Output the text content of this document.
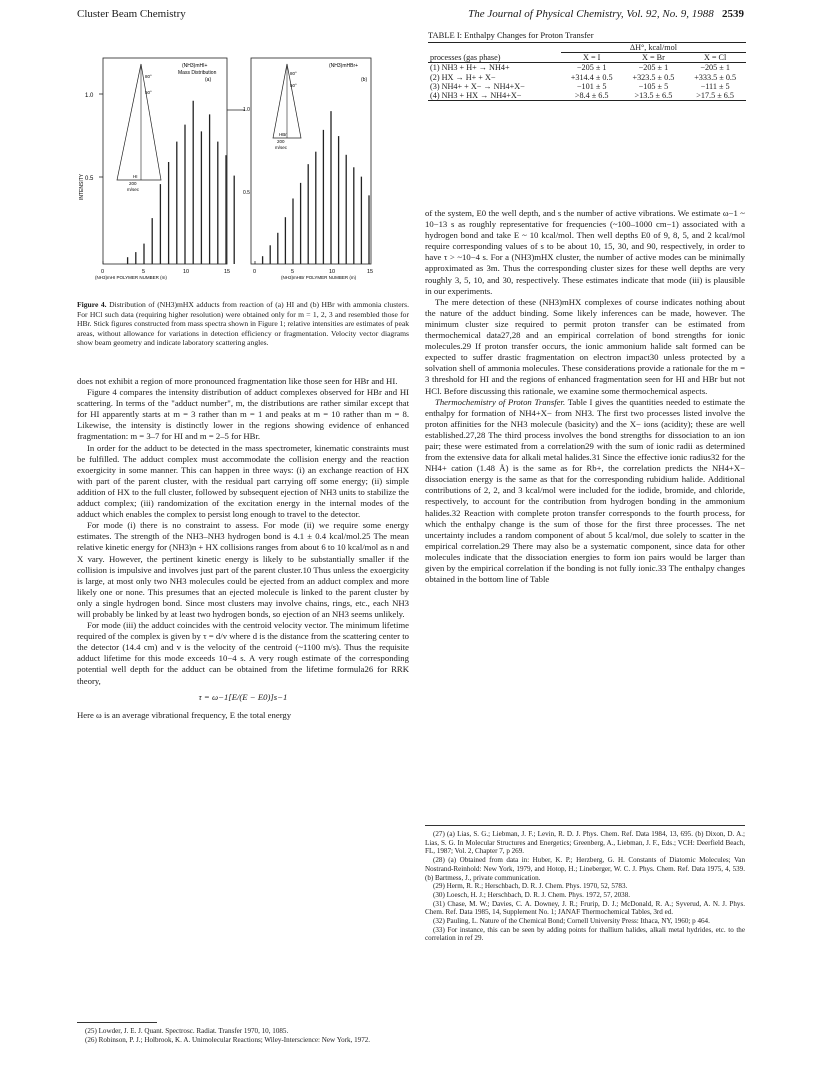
Cluster Beam Chemistry	The Journal of Physical Chemistry, Vol. 92, No. 9, 1988 2539
(NH3)mHI+
Mass Distribution
(a)
80°
50°
HI
200
m/sec
0	5	10	15
1.0
0.5
INTENSITY
(NH3)mHI POLYMER NUMBER (m)
(NH3)mHBr+
(b)
80°
50°
HBr
200
m/sec
0	5	10	15
1.0
0.5
(NH3)mHBr POLYMER NUMBER (m)
Figure 4. Distribution of (NH3)mHX adducts from reaction of (a) HI and (b) HBr with ammonia clusters. For HCl such data (requiring higher resolution) were obtained only for m = 1, 2, 3 and resembled those for HBr. Stick figures constructed from mass spectra shown in Figure 1; relative intensities are estimates of peak areas, without allowance for variations in detection efficiency or fragmentation. Velocity vector diagrams show beam geometry and indicate laboratory scattering angles.

does not exhibit a region of more pronounced fragmentation like those seen for HBr and HI.

Figure 4 compares the intensity distribution of adduct complexes observed for HBr and HI scattering. In terms of the "adduct number", m, the distributions are rather similar except that for HI apparently starts at m = 3 rather than m = 1 and peaks at m = 10 rather than m = 8. Likewise, the intensity is distinctly lower in the regions showing evidence of enhanced fragmentation: m = 3–7 for HI and m = 2–5 for HBr.

In order for the adduct to be detected in the mass spectrometer, kinematic constraints must be fulfilled. The adduct complex must accommodate the collision energy and the reaction exoergicity in some manner. This can happen in three ways: (i) an exchange reaction of HX with part of the parent cluster, with the residual part carrying off some energy; (ii) simple addition of HX to the full cluster, followed by subsequent ejection of NH3 units to stabilize the adduct complex; (iii) randomization of the excitation energy in the internal modes of the adduct which enables the complex to persist long enough to travel to the detector.

For mode (i) there is no constraint to assess. For mode (ii) we require some energy estimates. The strength of the NH3–NH3 hydrogen bond is 4.1 ± 0.4 kcal/mol.25 The mean relative kinetic energy for (NH3)n + HX collisions ranges from about 6 to 10 kcal/mol as n and X vary. However, the pertinent kinetic energy is likely to be substantially smaller if the collision is impulsive and involves just part of the parent cluster.10 Thus unless the exoergicity is large, at most only two NH3 molecules could be ejected from an adduct complex and more likely one or none. This presumes that an ejected molecule is linked to the parent cluster by only a single hydrogen bond. Since most clusters may involve chains, rings, etc., each NH3 will probably be linked by at least two hydrogen bonds, so ejection of an NH3 seems unlikely.

For mode (iii) the adduct coincides with the centroid velocity vector. The minimum lifetime required of the complex is given by τ = d/v where d is the distance from the scattering center to the detector (14.4 cm) and v is the velocity of the centroid (~1100 m/s). Thus the requisite adduct lifetime for this mode exceeds 10−4 s. A very rough estimate of the corresponding potential well depth for the adduct can be obtained from the lifetime formula26 for RRK theory,

τ = ω−1[E/(E − E0)]s−1

Here ω is an average vibrational frequency, E the total energy

(25) Lowder, J. E. J. Quant. Spectrosc. Radiat. Transfer 1970, 10, 1085.
(26) Robinson, P. J.; Holbrook, K. A. Unimolecular Reactions; Wiley-Interscience: New York, 1972.
TABLE I: Enthalpy Changes for Proton Transfer
	ΔH°, kcal/mol		
processes (gas phase)	X = I	X = Br	X = Cl
(1) NH3 + H+ → NH4+	−205 ± 1	−205 ± 1	−205 ± 1
(2) HX → H+ + X−	+314.4 ± 0.5	+323.5 ± 0.5	+333.5 ± 0.5
(3) NH4+ + X− → NH4+X−	−101 ± 5	−105 ± 5	−111 ± 5
(4) NH3 + HX → NH4+X−	>8.4 ± 6.5	>13.5 ± 6.5	>17.5 ± 6.5

of the system, E0 the well depth, and s the number of active vibrations. We estimate ω−1 ~ 10−13 s as roughly representative for frequencies (~100–1000 cm−1) associated with a hydrogen bond and take E ~ 10 kcal/mol. Then well depths E0 of 9, 8, 5, and 2 kcal/mol require corresponding values of s to be about 10, 15, 30, and 90, respectively, in order to have τ > ~10−4 s. For a (NH3)mHX cluster, the number of active modes can be minimally approximated as 3m. Thus the corresponding cluster sizes for these well depths are very roughly 3, 5, 10, and 30, respectively. These estimates indicate that mode (iii) is plausible in our experiments.

The mere detection of these (NH3)mHX complexes of course indicates nothing about the nature of the adduct binding. Some likely inferences can be made, however. The minimum cluster size required to permit proton transfer can be estimated from thermochemical data27,28 and an empirical correlation of bond strengths for ionic molecules.29 If proton transfer occurs, the ionic ammonium halide salt formed can be expected to suffer drastic fragmentation on electron impact30 unless protected by a solvation shell of ammonia molecules. These considerations provide a rationale for the m = 3 threshold for HI and the regions of enhanced fragmentation seen for HI and HBr but not HCl. Before discussing this rationale, we examine some thermochemical aspects.

Thermochemistry of Proton Transfer. Table I gives the quantities needed to estimate the enthalpy for formation of NH4+X− from NH3. The first two processes listed involve the proton affinities for the NH3 molecule (basicity) and the X− ions (acidity); these are well established.27,28 The third process involves the bond strengths for dissociation to an ion pair; these were estimated from a correlation29 with the sum of ionic radii as determined from the extensive data for alkali metal halides.31 Since the effective ionic radius32 for the NH4+ cation (1.48 Å) is the same as for Rb+, the correlation predicts the NH4+X− dissociation energy is the same as that for the corresponding rubidium halide. Additional contributions of 2, 2, and 3 kcal/mol were included for the iodide, bromide, and chloride, respectively, to account for the contribution from hydrogen bonding in the ammonium halides.32 Reaction with complete proton transfer corresponds to the fourth process, for which the enthalpy change is the sum of those for the first three processes. The net uncertainty includes a random component of about 5 kcal/mol, due solely to scatter in the empirical correlation.29 There may also be a systematic component, since data for other molecules indicate that the dissociation energies to form ion pairs would be larger than given by the empirical correlation if the bonding is not fully ionic.33 The enthalpy changes obtained in the bottom line of Table

(27) (a) Lias, S. G.; Liebman, J. F.; Levin, R. D. J. Phys. Chem. Ref. Data 1984, 13, 695. (b) Dixon, D. A.; Lias, S. G. In Molecular Structures and Energetics; Greenberg, A., Liebman, J. F., Eds.; VCH: Deerfield Beach, FL, 1987; Vol. 2, Chapter 7, p 269.
(28) (a) Obtained from data in: Huber, K. P.; Herzberg, G. H. Constants of Diatomic Molecules; Van Nostrand-Reinhold: New York, 1979, and Hotop, H.; Lineberger, W. C. J. Phys. Chem. Ref. Data 1975, 4, 539. (b) Bartmess, J., private communication.
(29) Herm, R. R.; Herschbach, D. R. J. Chem. Phys. 1970, 52, 5783.
(30) Loesch, H. J.; Herschbach, D. R. J. Chem. Phys. 1972, 57, 2038.
(31) Chase, M. W.; Davies, C. A. Downey, J. R.; Frurip, D. J.; McDonald, R. A.; Syverud, A. N. J. Phys. Chem. Ref. Data 1985, 14, Supplement No. 1; JANAF Thermochemical Tables, 3rd ed.
(32) Pauling, L. Nature of the Chemical Bond; Cornell University Press: Ithaca, NY, 1960; p 464.
(33) For instance, this can be seen by adding points for thallium halides, alkali metal hydrides, etc. to the correlation in ref 29.
